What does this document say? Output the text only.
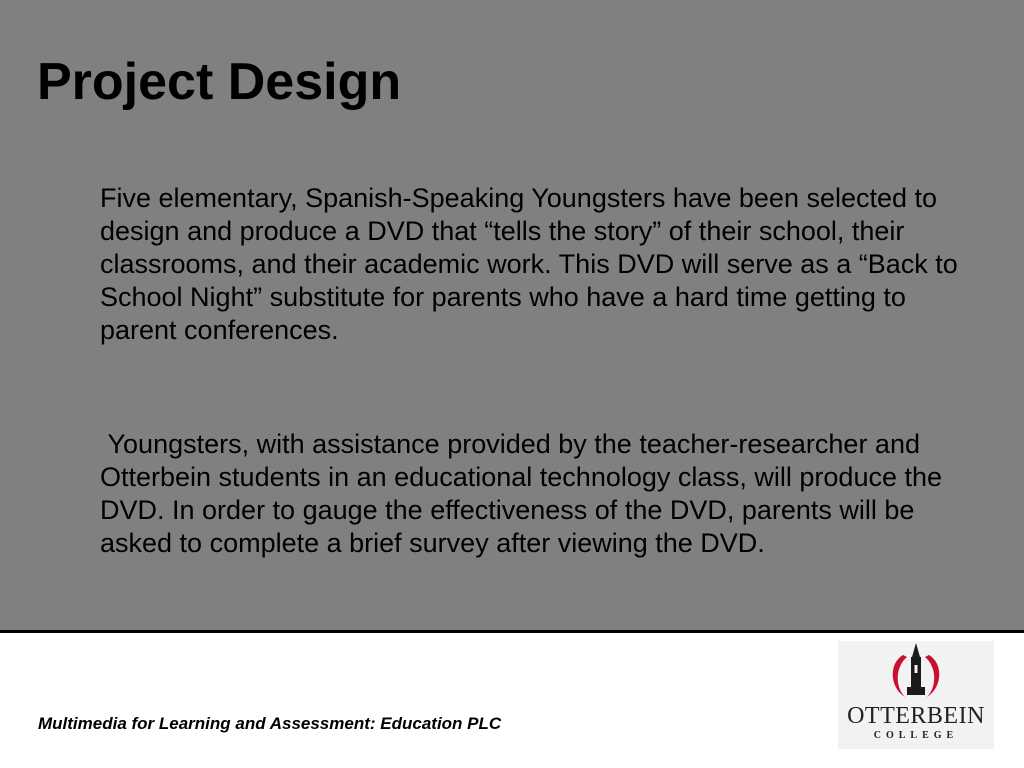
Project Design

Five elementary, Spanish-Speaking Youngsters have been selected to design and produce a DVD that “tells the story” of their school, their classrooms, and their academic work. This DVD will serve as a “Back to School Night” substitute for parents who have a hard time getting to parent conferences.

Youngsters, with assistance provided by the teacher-researcher and Otterbein students in an educational technology class, will produce the DVD. In order to gauge the effectiveness of the DVD, parents will be asked to complete a brief survey after viewing the DVD.

Multimedia for Learning and Assessment: Education PLC	OTTERBEIN
COLLEGE
